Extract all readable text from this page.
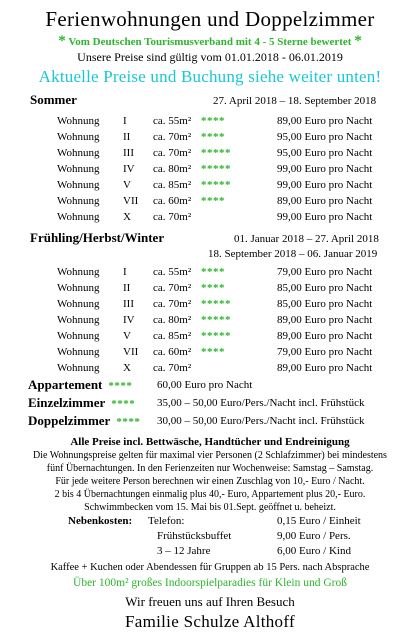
Ferienwohnungen und Doppelzimmer
* Vom Deutschen Tourismusverband mit 4 - 5 Sterne bewertet *
Unsere Preise sind gültig vom 01.01.2018 - 06.01.2019
Aktuelle Preise und Buchung siehe weiter unten!
Sommer	27. April 2018 – 18. September 2018
Wohnung I ca. 55m² ****	89,00 Euro pro Nacht
Wohnung II ca. 70m² ****	95,00 Euro pro Nacht
Wohnung III ca. 70m² *****	95,00 Euro pro Nacht
Wohnung IV ca. 80m² *****	99,00 Euro pro Nacht
Wohnung V ca. 85m² *****	99,00 Euro pro Nacht
Wohnung VII ca. 60m² ****	89,00 Euro pro Nacht
Wohnung X ca. 70m²	99,00 Euro pro Nacht
Frühling/Herbst/Winter	01. Januar 2018 – 27. April 2018
18. September 2018 – 06. Januar 2019
Wohnung I ca. 55m² ****	79,00 Euro pro Nacht
Wohnung II ca. 70m² ****	85,00 Euro pro Nacht
Wohnung III ca. 70m² *****	85,00 Euro pro Nacht
Wohnung IV ca. 80m² *****	89,00 Euro pro Nacht
Wohnung V ca. 85m² *****	89,00 Euro pro Nacht
Wohnung VII ca. 60m² ****	79,00 Euro pro Nacht
Wohnung X ca. 70m²	89,00 Euro pro Nacht
Appartement **** 60,00 Euro pro Nacht
Einzelzimmer **** 35,00 – 50,00 Euro/Pers./Nacht incl. Frühstück
Doppelzimmer **** 30,00 – 50,00 Euro/Pers./Nacht incl. Frühstück
Alle Preise incl. Bettwäsche, Handtücher und Endreinigung
Die Wohnungspreise gelten für maximal vier Personen (2 Schlafzimmer) bei mindestens
fünf Übernachtungen. In den Ferienzeiten nur Wochenweise: Samstag – Samstag.
Für jede weitere Person berechnen wir einen Zuschlag von 10,- Euro / Nacht.
2 bis 4 Übernachtungen einmalig plus 40,- Euro, Appartement plus 20,- Euro.
Schwimmbecken vom 15. Mai bis 01.Sept. geöffnet u. beheizt.
Nebenkosten: Telefon:	0,15 Euro / Einheit
Frühstücksbuffet	9,00 Euro / Pers.
3 – 12 Jahre	6,00 Euro / Kind
Kaffee + Kuchen oder Abendessen für Gruppen ab 15 Pers. nach Absprache
Über 100m² großes Indoorspielparadies für Klein und Groß
Wir freuen uns auf Ihren Besuch
Familie Schulze Althoff
